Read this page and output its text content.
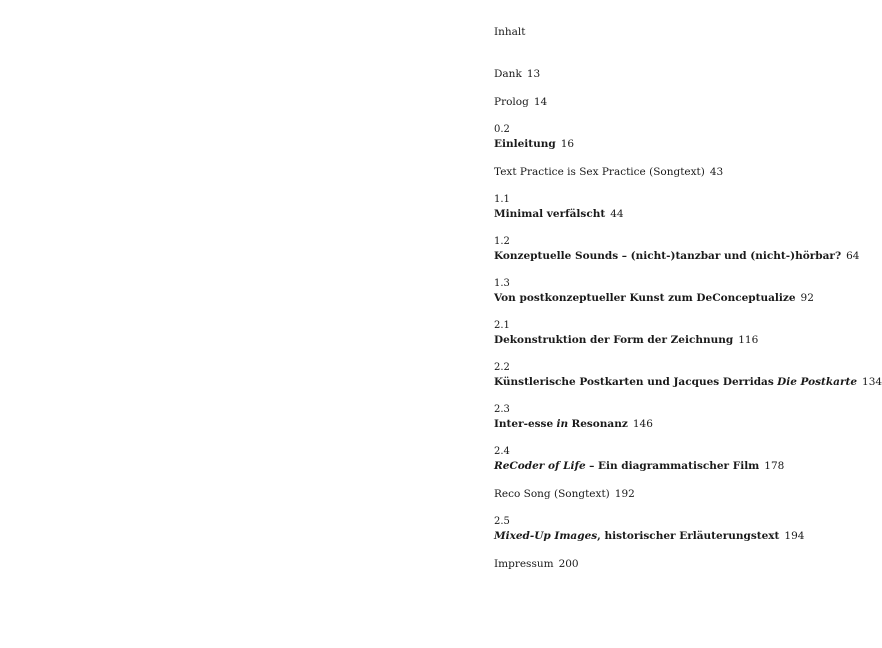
Inhalt
Dank 13
Prolog 14
0.2
Einleitung 16
Text Practice is Sex Practice (Songtext) 43
1.1
Minimal verfälscht 44
1.2
Konzeptuelle Sounds – (nicht-)tanzbar und (nicht-)hörbar? 64
1.3
Von postkonzeptueller Kunst zum DeConceptualize 92
2.1
Dekonstruktion der Form der Zeichnung 116
2.2
Künstlerische Postkarten und Jacques Derridas Die Postkarte 134
2.3
Inter-esse in Resonanz 146
2.4
ReCoder of Life – Ein diagrammatischer Film 178
Reco Song (Songtext) 192
2.5
Mixed-Up Images, historischer Erläuterungstext 194
Impressum 200
